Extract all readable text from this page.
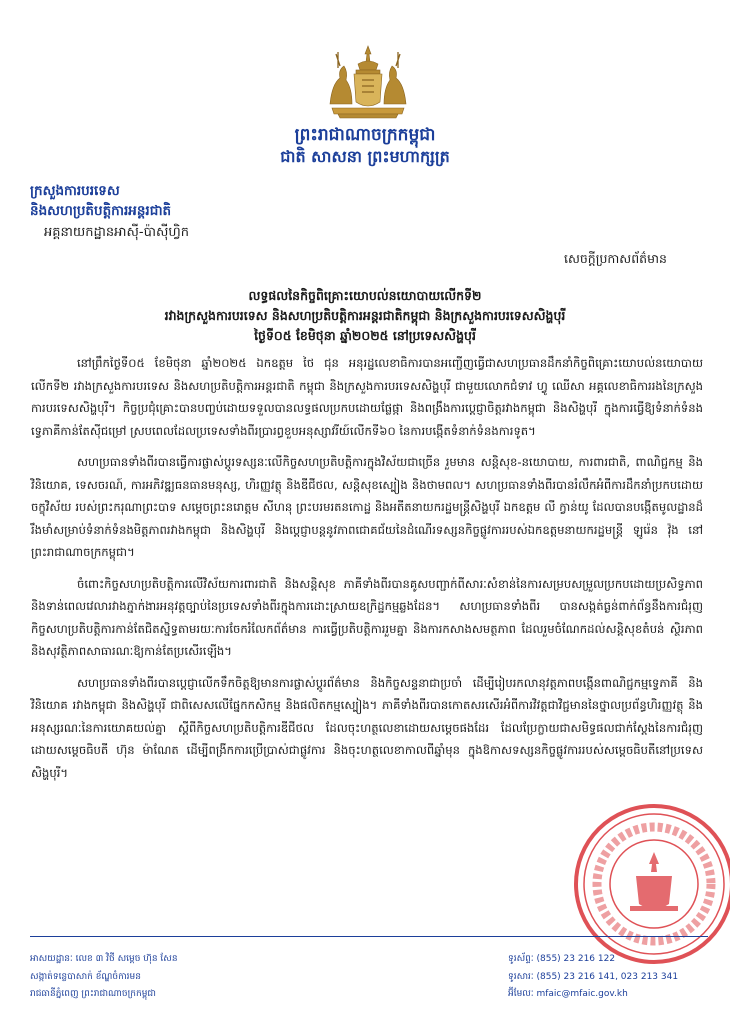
ព្រះរាជាណាចក្រកម្ពុជា
ជាតិ សាសនា ព្រះមហាក្សត្រ
ក្រសួងការបរទេស
និងសហប្រតិបត្តិការអន្តរជាតិ
អគ្គនាយកដ្ឋានអាស៊ី-ប៉ាស៊ីហ្វិក
សេចក្តីប្រកាសព័ត៌មាន
លទ្ធផលនៃកិច្ចពិគ្រោះយោបល់នយោបាយលើកទី២
រវាងក្រសួងការបរទេស និងសហប្រតិបត្តិការអន្តរជាតិកម្ពុជា និងក្រសួងការបរទេសសិង្ហបុរី
ថ្ងៃទី០៥ ខែមិថុនា ឆ្នាំ២០២៥ នៅប្រទេសសិង្ហបុរី

នៅព្រឹកថ្ងៃទី០៥ ខែមិថុនា ឆ្នាំ២០២៥ ឯកឧត្តម ថៃ ជុន អនុរដ្ឋលេខាធិការបានអញ្ជើញធ្វើជាសហប្រធានដឹកនាំកិច្ចពិគ្រោះយោបល់នយោបាយលើកទី២ រវាងក្រសួងការបរទេស និងសហប្រតិបត្តិការអន្តរជាតិ កម្ពុជា និងក្រសួងការបរទេសសិង្ហបុរី ជាមួយលោកជំទាវ ហ្វូ ឈើសា អគ្គលេខាធិការរងនៃក្រសួងការបរទេសសិង្ហបុរី។ កិច្ចប្រជុំគ្រោះបានបញ្ចប់ដោយទទួលបានលទ្ធផលប្រកបដោយផ្លែផ្កា និងពង្រឹងការប្តេជ្ញាចិត្តរវាងកម្ពុជា និងសិង្ហបុរី ក្នុងការធ្វើឱ្យទំនាក់ទំនងទ្វេភាគីកាន់តែស៊ីជម្រៅ ស្របពេលដែលប្រទេសទាំងពីរប្រារព្ធខួបអនុស្សាវរីយ៍លើកទី៦០ នៃការបង្កើតទំនាក់ទំនងការទូត។

សហប្រធានទាំងពីរបានធ្វើការផ្លាស់ប្តូរទស្សនៈលើកិច្ចសហប្រតិបត្តិការក្នុងវិស័យជាច្រើន រួមមាន សន្តិសុខ-នយោបាយ, ការពារជាតិ, ពាណិជ្ជកម្ម និងវិនិយោគ, ទេសចរណ៍, ការអភិវឌ្ឍធនធានមនុស្ស, ហិរញ្ញវត្ថុ និងឌីជីថល, សន្តិសុខស្បៀង និងថាមពល។ សហប្រធានទាំងពីរបានរំលឹកអំពីការដឹកនាំប្រកបដោយចក្ខុវិស័យ របស់ព្រះករុណាព្រះបាទ សម្តេចព្រះនរោត្តម សីហនុ ព្រះបរមរតនកោដ្ឋ និងអតីតនាយករដ្ឋមន្ត្រីសិង្ហបុរី ឯកឧត្តម លី ក្វាន់យូ ដែលបានបង្កើតមូលដ្ឋានដ៏រឹងមាំសម្រាប់ទំនាក់ទំនងមិត្តភាពរវាងកម្ពុជា និងសិង្ហបុរី និងប្តេជ្ញាបន្តនូវភាពជោគជ័យនៃដំណើរទស្សនកិច្ចផ្លូវការរបស់ឯកឧត្តមនាយករដ្ឋមន្ត្រី ឡូរ៉េន វ៉ុង នៅព្រះរាជាណាចក្រកម្ពុជា។

ចំពោះកិច្ចសហប្រតិបត្តិការលើវិស័យការពារជាតិ និងសន្តិសុខ ភាគីទាំងពីរបានគូសបញ្ជាក់ពីសារៈសំខាន់នៃការសម្របសម្រួលប្រកបដោយប្រសិទ្ធភាព និងទាន់ពេលវេលារវាងភ្នាក់ងារអនុវត្តច្បាប់នៃប្រទេសទាំងពីរក្នុងការដោះស្រាយឧក្រិដ្ឋកម្មឆ្លងដែន។ សហប្រធានទាំងពីរ បានសង្កត់ធ្ងន់ពាក់ព័ន្ធនឹងការជំរុញកិច្ចសហប្រតិបត្តិការកាន់តែជិតស្និទ្ធតាមរយៈការចែករំលែកព័ត៌មាន ការធ្វើប្រតិបត្តិការរួមគ្នា និងការកសាងសមត្ថភាព ដែលរួមចំណែកដល់សន្តិសុខតំបន់ ស្ថិរភាព និងសុវត្ថិភាពសាធារណៈឱ្យកាន់តែប្រសើរឡើង។

សហប្រធានទាំងពីរបានប្តេជ្ញាលើកទឹកចិត្តឱ្យមានការផ្លាស់ប្តូរព័ត៌មាន និងកិច្ចសន្ទនាជាប្រចាំ ដើម្បីរៀបរកលានុវត្តភាពបង្កើនពាណិជ្ជកម្មទ្វេភាគី និងវិនិយោគ រវាងកម្ពុជា និងសិង្ហបុរី ជាពិសេសលើផ្នែកកសិកម្ម និងផលិតកម្មស្បៀង។ ភាគីទាំងពីរបានកោតសរសើរអំពីការវិវត្តជាវិជ្ជមាននៃថ្នាលប្រព័ន្ធហិរញ្ញវត្ថុ និងអនុស្សរណៈនៃការយោគយល់គ្នា ស្តីពីកិច្ចសហប្រតិបត្តិការឌីជីថល ដែលចុះហត្ថលេខាដោយសម្តេចផងដែរ ដែលប្រែក្លាយជាសមិទ្ធផលជាក់ស្តែងនៃការជំរុញដោយសម្តេចធិបតី ហ៊ុន ម៉ាណែត ដើម្បីពង្រីកការប្រើប្រាស់ជាផ្លូវការ និងចុះហត្ថលេខាកាលពីឆ្នាំមុន ក្នុងឱកាសទស្សនកិច្ចផ្លូវការរបស់សម្តេចធិបតីនៅប្រទេសសិង្ហបុរី។

អាសយដ្ឋានៈ លេខ ៣ វិថី សម្តេច ហ៊ុន សែន
សង្កាត់ទន្លេបាសាក់ ខ័ណ្ឌចំការមន
រាជធានីភ្នំពេញ ព្រះរាជាណាចក្រកម្ពុជា
ទូរស័ព្ទៈ (855) 23 216 122
ទូរសារៈ (855) 23 216 141, 023 213 341
អ៊ីមែលៈ mfaic@mfaic.gov.kh
